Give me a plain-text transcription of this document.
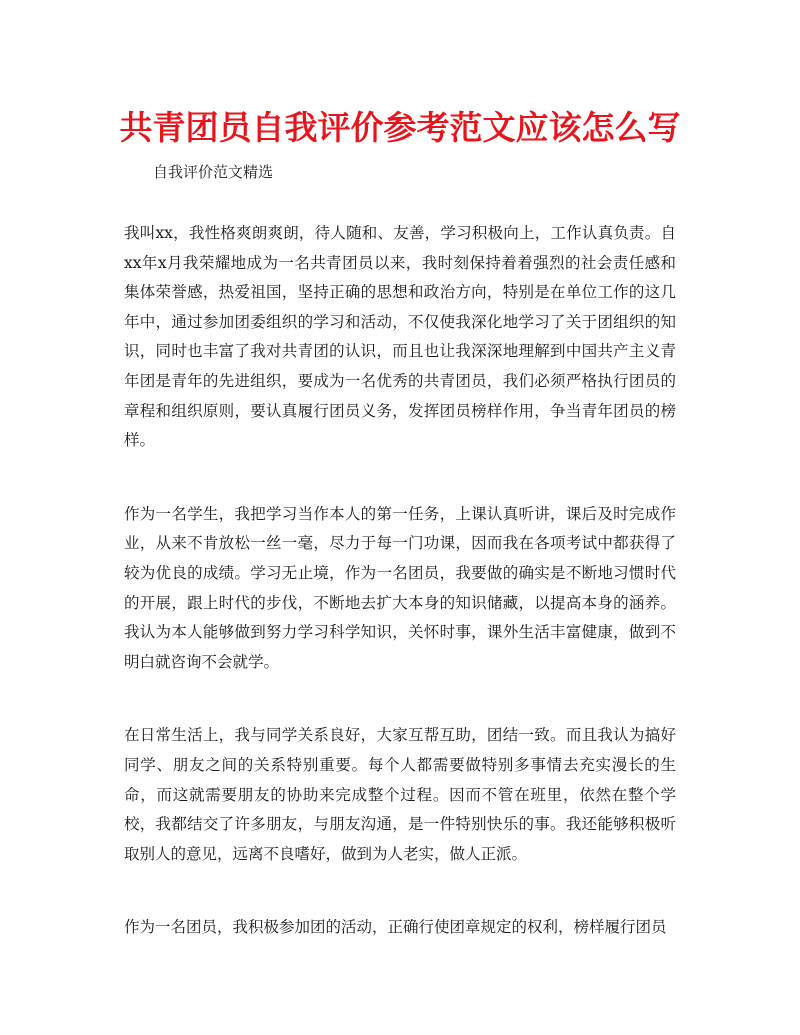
共青团员自我评价参考范文应该怎么写

自我评价范文精选

我叫xx，我性格爽朗爽朗，待人随和、友善，学习积极向上，工作认真负责。自xx年x月我荣耀地成为一名共青团员以来，我时刻保持着着强烈的社会责任感和集体荣誉感，热爱祖国，坚持正确的思想和政治方向，特别是在单位工作的这几年中，通过参加团委组织的学习和活动，不仅使我深化地学习了关于团组织的知识，同时也丰富了我对共青团的认识，而且也让我深深地理解到中国共产主义青年团是青年的先进组织，要成为一名优秀的共青团员，我们必须严格执行团员的章程和组织原则，要认真履行团员义务，发挥团员榜样作用，争当青年团员的榜样。

作为一名学生，我把学习当作本人的第一任务，上课认真听讲，课后及时完成作业，从来不肯放松一丝一毫，尽力于每一门功课，因而我在各项考试中都获得了较为优良的成绩。学习无止境，作为一名团员，我要做的确实是不断地习惯时代的开展，跟上时代的步伐，不断地去扩大本身的知识储藏，以提高本身的涵养。我认为本人能够做到努力学习科学知识，关怀时事，课外生活丰富健康，做到不明白就咨询不会就学。

在日常生活上，我与同学关系良好，大家互帮互助，团结一致。而且我认为搞好同学、朋友之间的关系特别重要。每个人都需要做特别多事情去充实漫长的生命，而这就需要朋友的协助来完成整个过程。因而不管在班里，依然在整个学校，我都结交了许多朋友，与朋友沟通，是一件特别快乐的事。我还能够积极听取别人的意见，远离不良嗜好，做到为人老实，做人正派。

作为一名团员，我积极参加团的活动，正确行使团章规定的权利，榜样履行团员
